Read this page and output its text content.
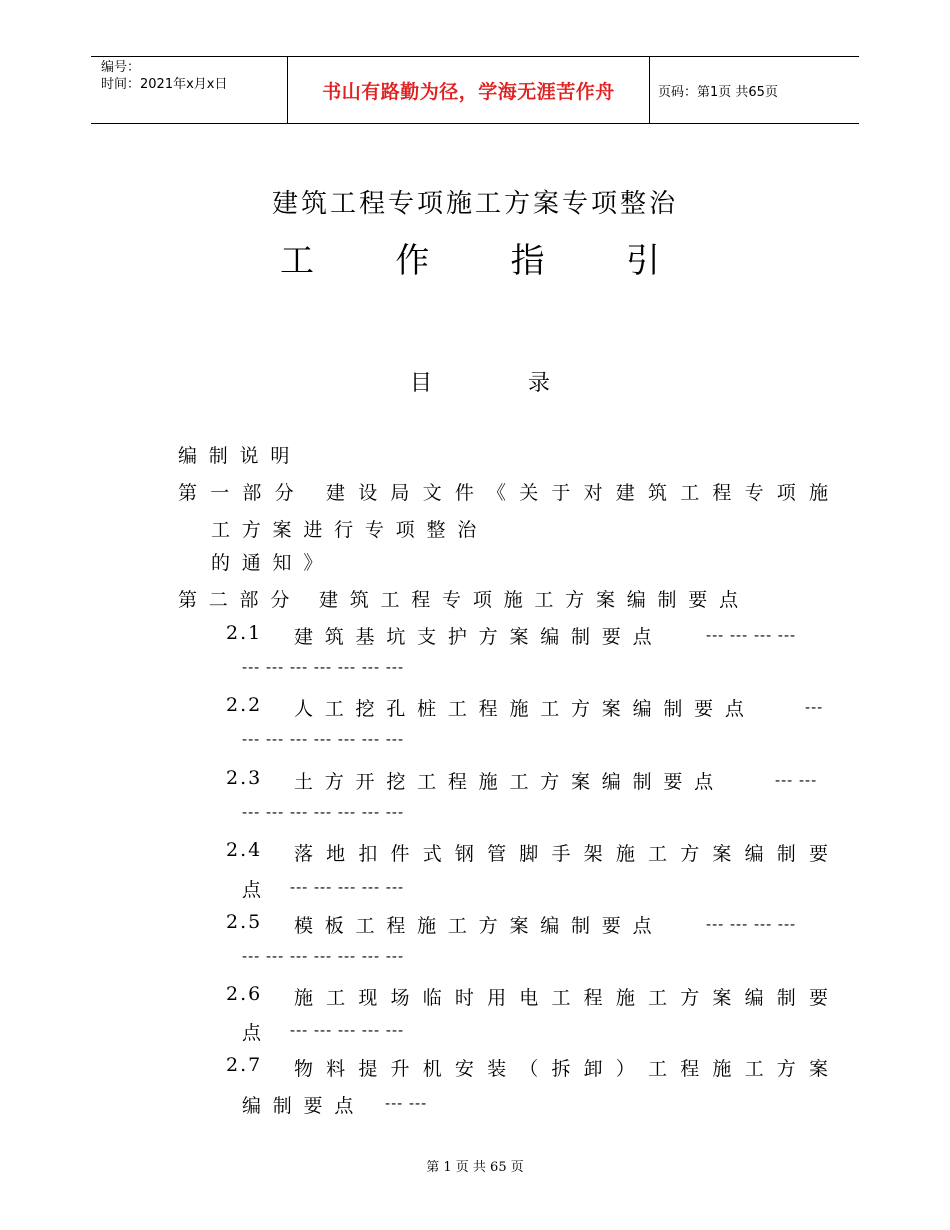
编号：
时间：2021年x月x日	书山有路勤为径，学海无涯苦作舟	页码：第1页 共65页
建筑工程专项施工方案专项整治
工 作 指 引
目	录
编制说明
第一部分 建设局文件《关于对建筑工程专项施
工方案进行专项整治
的通知》
第二部分 建筑工程专项施工方案编制要点
2.1 建筑基坑支护方案编制要点	--- --- --- ---
--- --- --- --- --- --- ---
2.2 人工挖孔桩工程施工方案编制要点	---
--- --- --- --- --- --- ---
2.3 土方开挖工程施工方案编制要点	--- ---
--- --- --- --- --- --- ---
2.4 落地扣件式钢管脚手架施工方案编制要
点 --- --- --- --- ---
2.5 模板工程施工方案编制要点	--- --- --- ---
--- --- --- --- --- --- ---
2.6 施工现场临时用电工程施工方案编制要
点 --- --- --- --- ---
2.7 物料提升机安装（拆卸）工程施工方案
编制要点 --- ---
第 1 页 共 65 页
